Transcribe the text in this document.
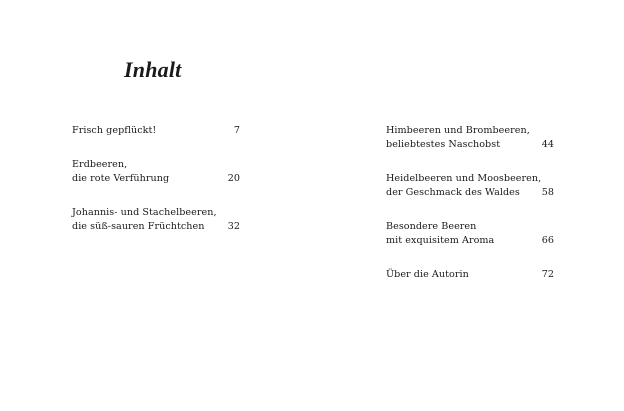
Inhalt
Frisch gepflückt!	7
Erdbeeren,
die rote Verführung	20
Johannis- und Stachelbeeren,
die süß-sauren Früchtchen	32
Himbeeren und Brombeeren,
beliebtestes Naschobst	44
Heidelbeeren und Moosbeeren,
der Geschmack des Waldes	58
Besondere Beeren
mit exquisitem Aroma	66
Über die Autorin	72
